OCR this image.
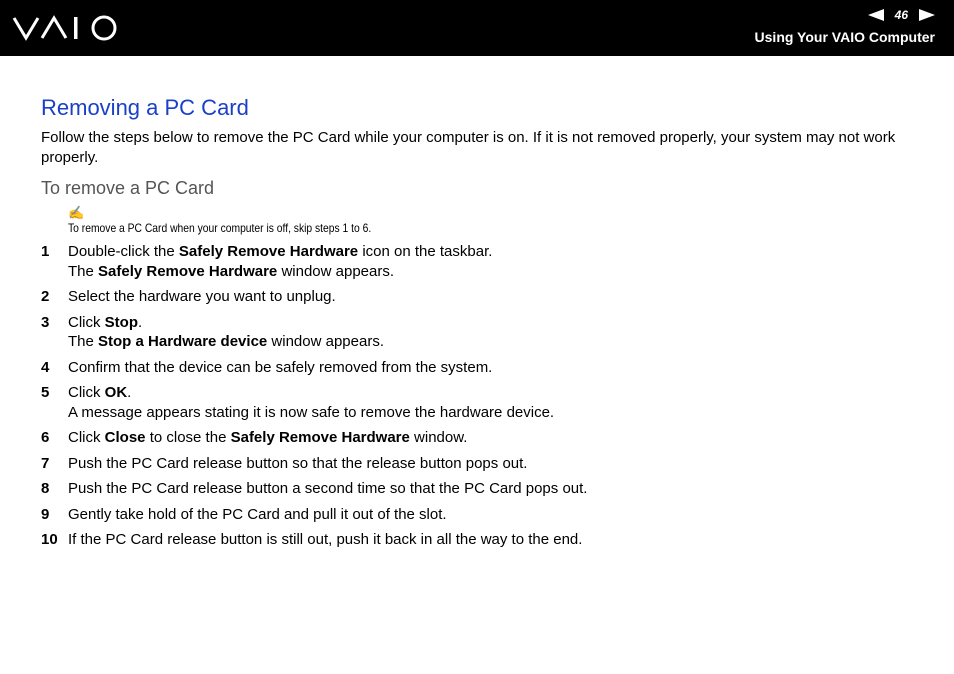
46
Using Your VAIO Computer
Removing a PC Card

Follow the steps below to remove the PC Card while your computer is on. If it is not removed properly, your system may not work properly.

To remove a PC Card
✍
To remove a PC Card when your computer is off, skip steps 1 to 6.
1 Double-click the Safely Remove Hardware icon on the taskbar.
The Safely Remove Hardware window appears.
2 Select the hardware you want to unplug.
3 Click Stop.
The Stop a Hardware device window appears.
4 Confirm that the device can be safely removed from the system.
5 Click OK.
A message appears stating it is now safe to remove the hardware device.
6 Click Close to close the Safely Remove Hardware window.
7 Push the PC Card release button so that the release button pops out.
8 Push the PC Card release button a second time so that the PC Card pops out.
9 Gently take hold of the PC Card and pull it out of the slot.
10 If the PC Card release button is still out, push it back in all the way to the end.
